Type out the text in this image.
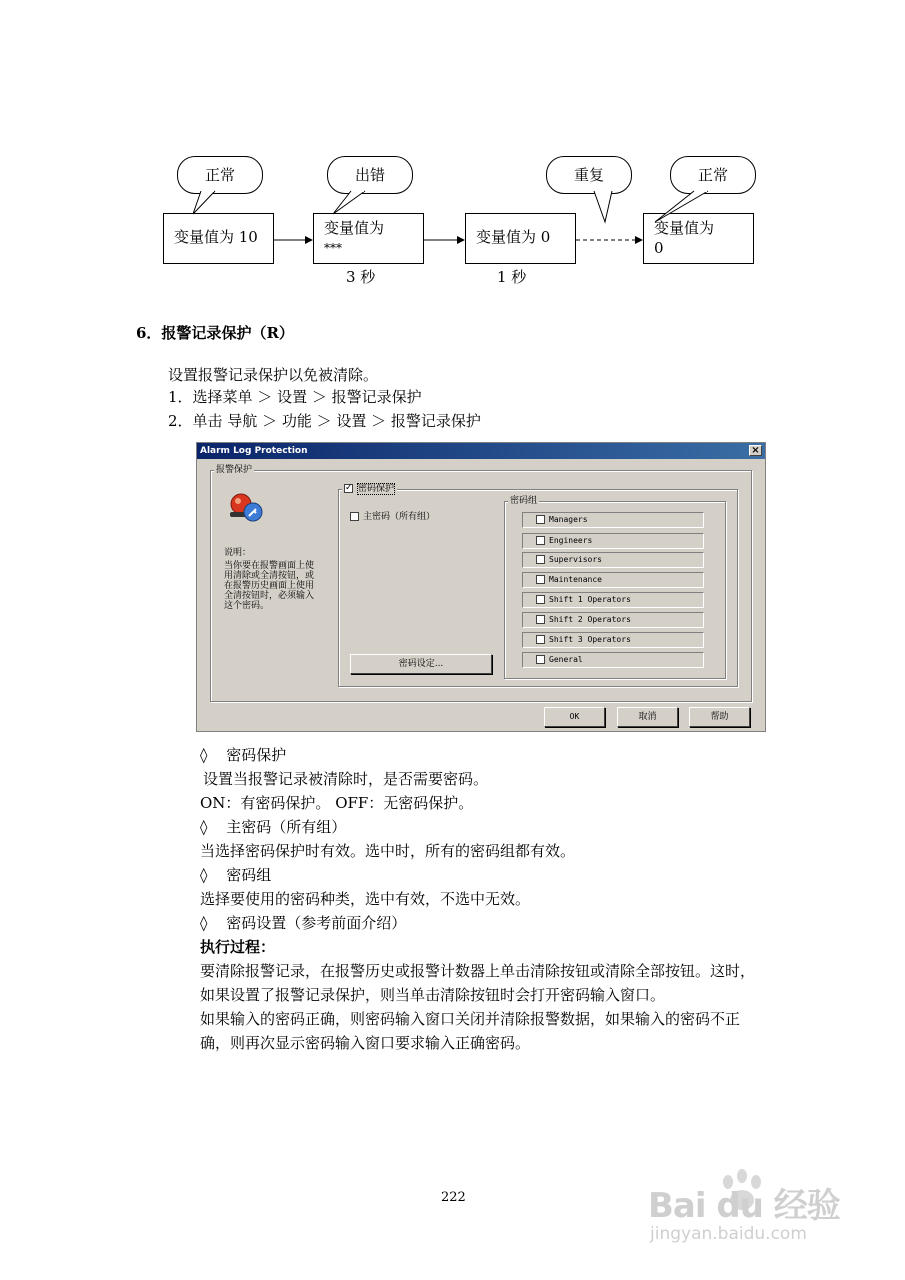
正常	出错	重复	正常
变量值为 10	变量值为
***
变量值为 0	变量值为
0
3 秒	1 秒
6．报警记录保护（R）
设置报警记录保护以免被清除。
1．选择菜单 ＞ 设置 ＞ 报警记录保护
2．单击 导航 ＞ 功能 ＞ 设置 ＞ 报警记录保护
Alarm Log Protection	×
报警保护
说明：
当你要在报警画面上使
用清除或全清按钮，或
在报警历史画面上使用
全清按钮时，必须输入
这个密码。
✓ 密码保护
主密码（所有组）
密码设定...
密码组
Managers
Engineers
Supervisors
Maintenance
Shift 1 Operators
Shift 2 Operators
Shift 3 Operators
General
OK	取消	帮助
◊ 密码保护
设置当报警记录被清除时，是否需要密码。
ON：有密码保护。 OFF：无密码保护。
◊ 主密码（所有组）
当选择密码保护时有效。选中时，所有的密码组都有效。
◊ 密码组
选择要使用的密码种类，选中有效，不选中无效。
◊ 密码设置（参考前面介绍）
执行过程：
要清除报警记录，在报警历史或报警计数器上单击清除按钮或清除全部按钮。这时，
如果设置了报警记录保护，则当单击清除按钮时会打开密码输入窗口。
如果输入的密码正确，则密码输入窗口关闭并清除报警数据，如果输入的密码不正
确，则再次显示密码输入窗口要求输入正确密码。
222	Bai du 经验
jingyan.baidu.com
